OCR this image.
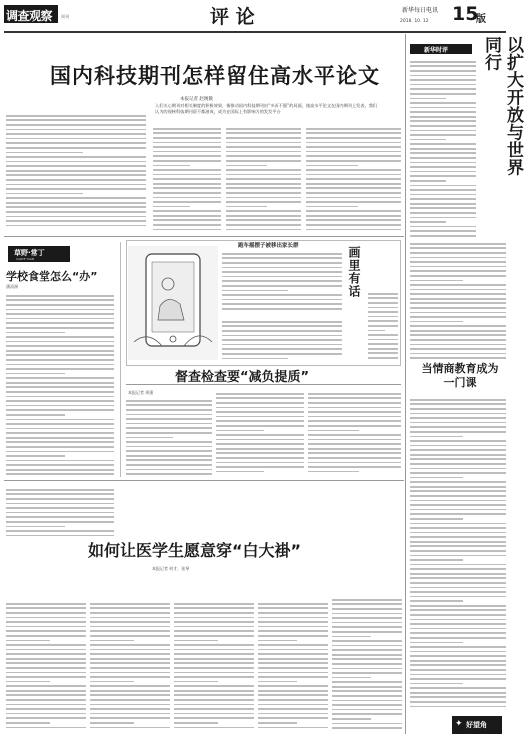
调查观察 周刊	评 论	新华每日电讯
2018. 10. 12 15
版
国内科技期刊怎样留住高水平论文
本报记者 赵琬微
入们关心期刊对相关制度的积极效果，指推动国内科技期刊由“多而不强”的局面，使高水平论文在国内期刊上发表，我们认为的现核科技期刊留不都滋成，成为在国际上有影响力的发发平台
草野·常丁
CAOYE YUAN
学校食堂怎么“办”
潘清洲
跑车摇摆子被移出家长群	画里有话
督查检查要“减负提质”
本报记者 周强
如何让医学生愿意穿“白大褂”
本报记者 何才，张琴
新华时评	以扩大开放与世界同行
当情商教育成为一门课
好望角
✦
